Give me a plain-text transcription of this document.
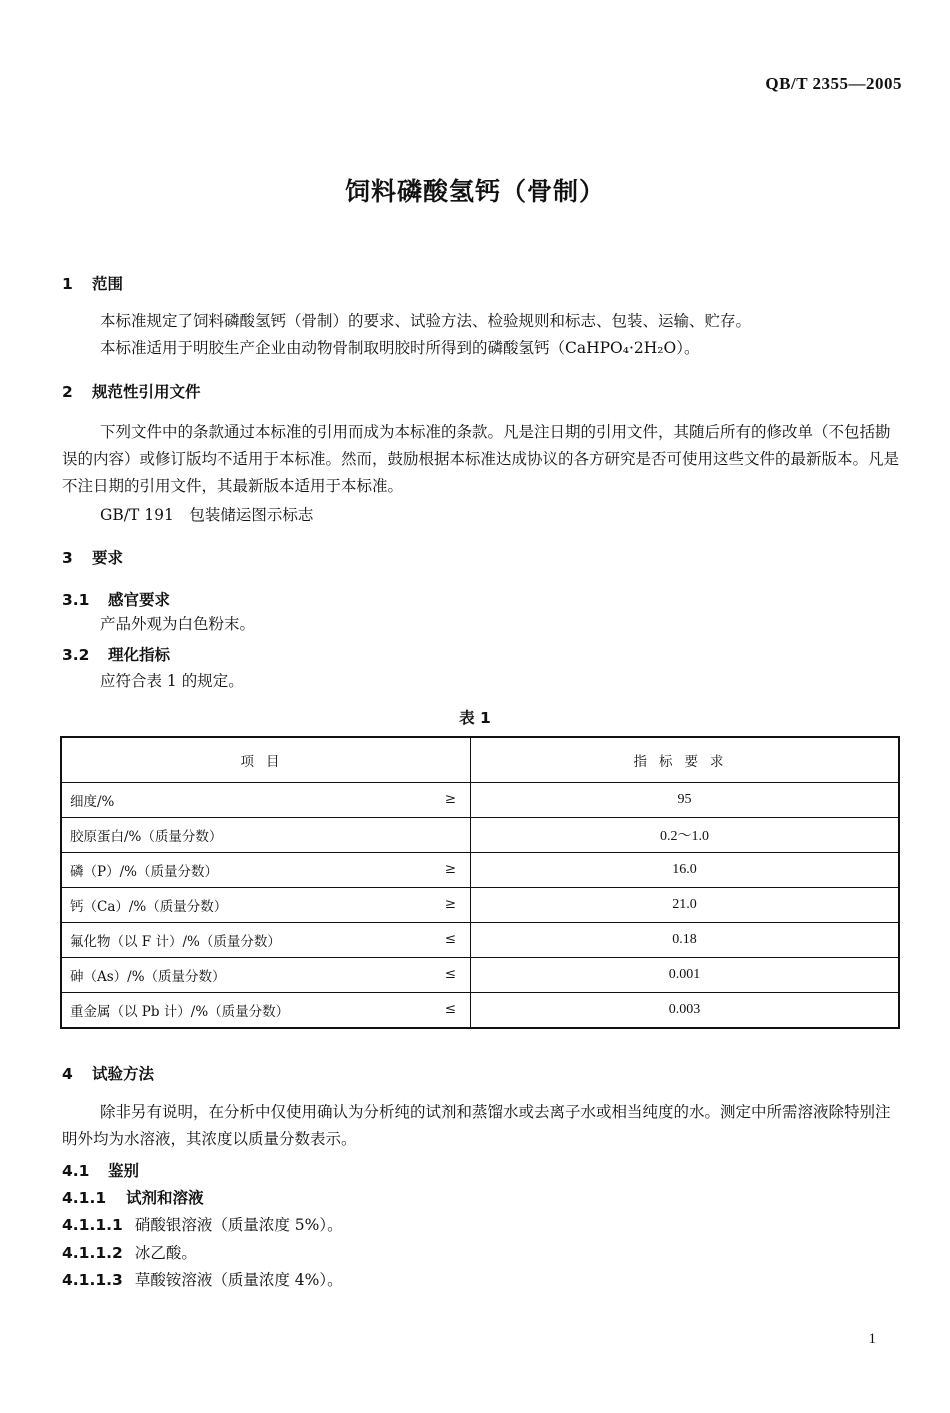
QB/T 2355—2005
饲料磷酸氢钙（骨制）
1 范围
本标准规定了饲料磷酸氢钙（骨制）的要求、试验方法、检验规则和标志、包装、运输、贮存。
本标准适用于明胶生产企业由动物骨制取明胶时所得到的磷酸氢钙（CaHPO₄·2H₂O）。
2 规范性引用文件
下列文件中的条款通过本标准的引用而成为本标准的条款。凡是注日期的引用文件，其随后所有的修改单（不包括勘误的内容）或修订版均不适用于本标准。然而，鼓励根据本标准达成协议的各方研究是否可使用这些文件的最新版本。凡是不注日期的引用文件，其最新版本适用于本标准。
GB/T 191　包装储运图示标志
3 要求
3.1 感官要求
产品外观为白色粉末。
3.2 理化指标
应符合表 1 的规定。
表 1
项目	指标要求
细度/% ≥	95
胶原蛋白/%（质量分数）	0.2～1.0
磷（P）/%（质量分数） ≥	16.0
钙（Ca）/%（质量分数） ≥	21.0
氟化物（以 F 计）/%（质量分数） ≤	0.18
砷（As）/%（质量分数） ≤	0.001
重金属（以 Pb 计）/%（质量分数） ≤	0.003
4 试验方法
除非另有说明，在分析中仅使用确认为分析纯的试剂和蒸馏水或去离子水或相当纯度的水。测定中所需溶液除特别注明外均为水溶液，其浓度以质量分数表示。
4.1 鉴别
4.1.1 试剂和溶液
4.1.1.1 硝酸银溶液（质量浓度 5%）。
4.1.1.2 冰乙酸。
4.1.1.3 草酸铵溶液（质量浓度 4%）。
1
